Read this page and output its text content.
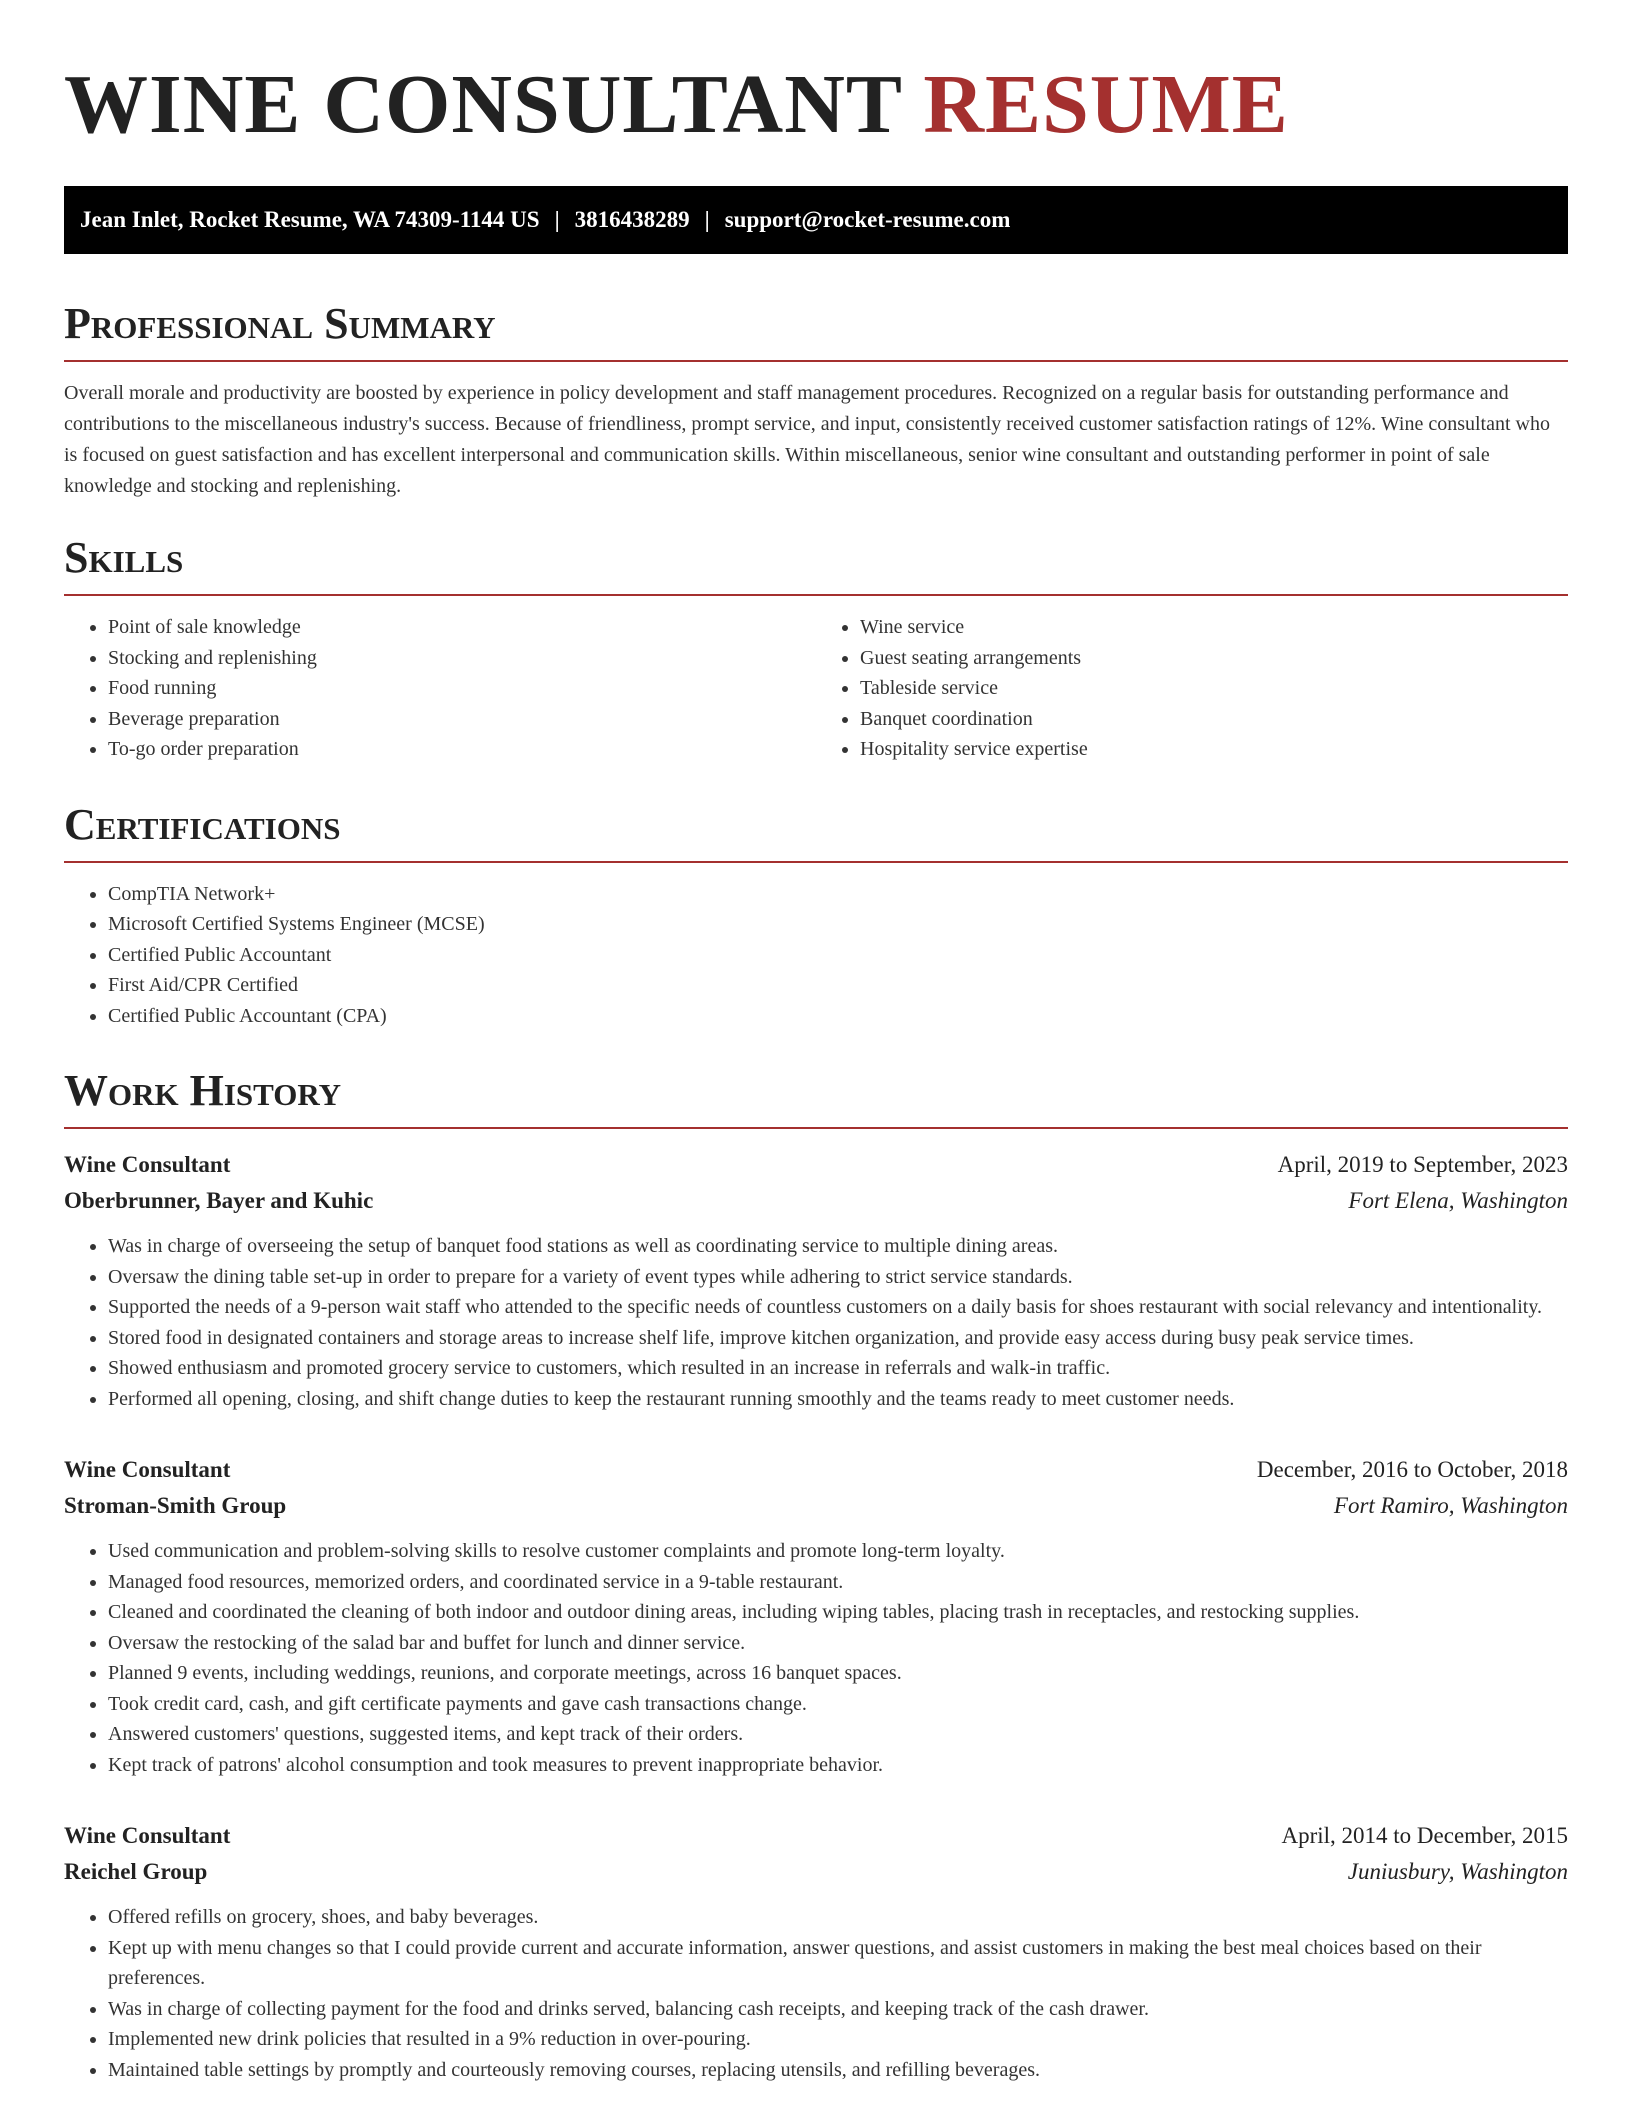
WINE CONSULTANT RESUME
Jean Inlet, Rocket Resume, WA 74309-1144 US | 3816438289 | support@rocket-resume.com
Professional Summary

Overall morale and productivity are boosted by experience in policy development and staff management procedures. Recognized on a regular basis for outstanding performance and contributions to the miscellaneous industry's success. Because of friendliness, prompt service, and input, consistently received customer satisfaction ratings of 12%. Wine consultant who is focused on guest satisfaction and has excellent interpersonal and communication skills. Within miscellaneous, senior wine consultant and outstanding performer in point of sale knowledge and stocking and replenishing.

Skills
• Point of sale knowledge
• Stocking and replenishing
• Food running
• Beverage preparation
• To-go order preparation
• Wine service
• Guest seating arrangements
• Tableside service
• Banquet coordination
• Hospitality service expertise
Certifications
• CompTIA Network+
• Microsoft Certified Systems Engineer (MCSE)
• Certified Public Accountant
• First Aid/CPR Certified
• Certified Public Accountant (CPA)
Work History
Wine Consultant	April, 2019 to September, 2023
Oberbrunner, Bayer and Kuhic	Fort Elena, Washington
• Was in charge of overseeing the setup of banquet food stations as well as coordinating service to multiple dining areas.
• Oversaw the dining table set-up in order to prepare for a variety of event types while adhering to strict service standards.
• Supported the needs of a 9-person wait staff who attended to the specific needs of countless customers on a daily basis for shoes restaurant with social relevancy and intentionality.
• Stored food in designated containers and storage areas to increase shelf life, improve kitchen organization, and provide easy access during busy peak service times.
• Showed enthusiasm and promoted grocery service to customers, which resulted in an increase in referrals and walk-in traffic.
• Performed all opening, closing, and shift change duties to keep the restaurant running smoothly and the teams ready to meet customer needs.
Wine Consultant	December, 2016 to October, 2018
Stroman-Smith Group	Fort Ramiro, Washington
• Used communication and problem-solving skills to resolve customer complaints and promote long-term loyalty.
• Managed food resources, memorized orders, and coordinated service in a 9-table restaurant.
• Cleaned and coordinated the cleaning of both indoor and outdoor dining areas, including wiping tables, placing trash in receptacles, and restocking supplies.
• Oversaw the restocking of the salad bar and buffet for lunch and dinner service.
• Planned 9 events, including weddings, reunions, and corporate meetings, across 16 banquet spaces.
• Took credit card, cash, and gift certificate payments and gave cash transactions change.
• Answered customers' questions, suggested items, and kept track of their orders.
• Kept track of patrons' alcohol consumption and took measures to prevent inappropriate behavior.
Wine Consultant	April, 2014 to December, 2015
Reichel Group	Juniusbury, Washington
• Offered refills on grocery, shoes, and baby beverages.
• Kept up with menu changes so that I could provide current and accurate information, answer questions, and assist customers in making the best meal choices based on their preferences.
• Was in charge of collecting payment for the food and drinks served, balancing cash receipts, and keeping track of the cash drawer.
• Implemented new drink policies that resulted in a 9% reduction in over-pouring.
• Maintained table settings by promptly and courteously removing courses, replacing utensils, and refilling beverages.
